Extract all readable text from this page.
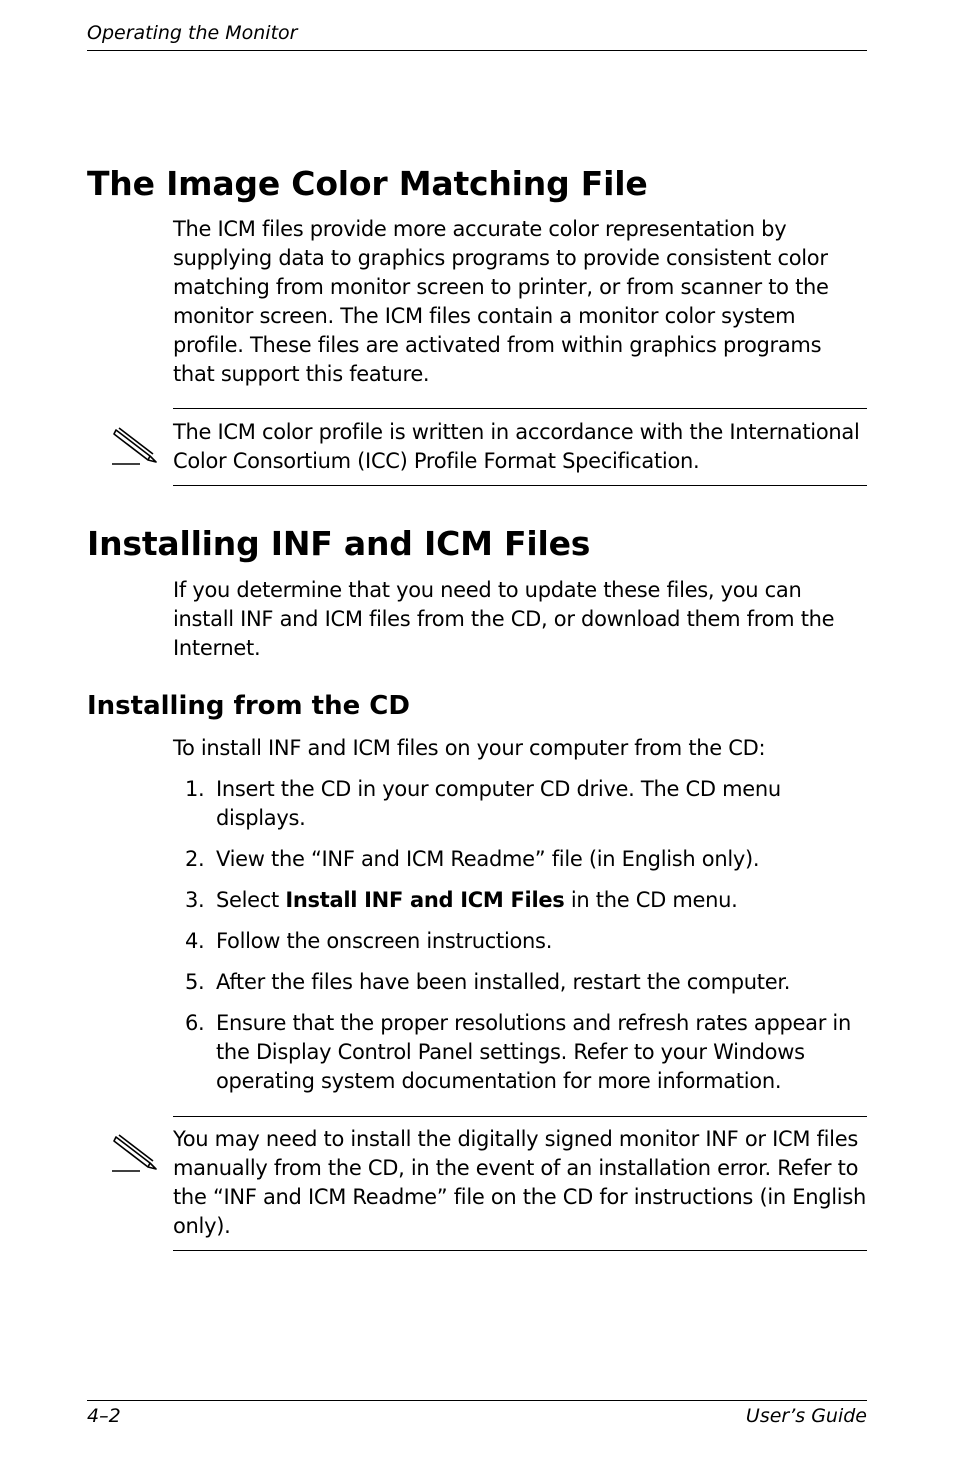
Operating the Monitor
The Image Color Matching File

The ICM files provide more accurate color representation by supplying data to graphics programs to provide consistent color matching from monitor screen to printer, or from scanner to the monitor screen. The ICM files contain a monitor color system profile. These files are activated from within graphics programs that support this feature.

The ICM color profile is written in accordance with the International Color Consortium (ICC) Profile Format Specification.

Installing INF and ICM Files

If you determine that you need to update these files, you can install INF and ICM files from the CD, or download them from the Internet.

Installing from the CD

To install INF and ICM files on your computer from the CD:

1. Insert the CD in your computer CD drive. The CD menu displays.
2. View the “INF and ICM Readme” file (in English only).
3. Select Install INF and ICM Files in the CD menu.
4. Follow the onscreen instructions.
5. After the files have been installed, restart the computer.
6. Ensure that the proper resolutions and refresh rates appear in the Display Control Panel settings. Refer to your Windows operating system documentation for more information.

You may need to install the digitally signed monitor INF or ICM files manually from the CD, in the event of an installation error. Refer to the “INF and ICM Readme” file on the CD for instructions (in English only).

4–2	User’s Guide
